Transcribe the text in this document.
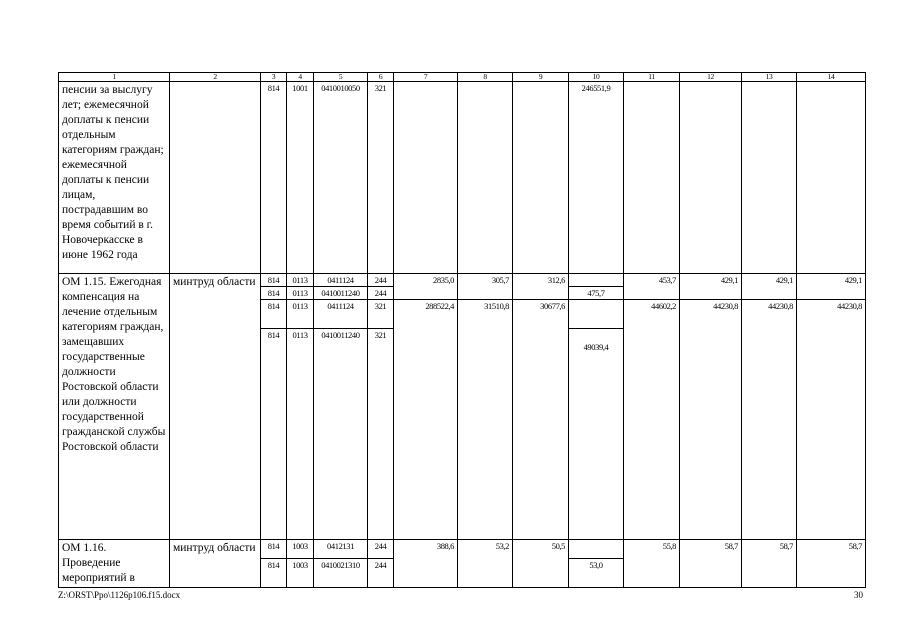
1	2	3	4	5	6	7	8	9	10	11	12	13	14
пенсии за выслугу лет; ежемесячной доплаты к пенсии отдельным категориям граждан; ежемесячной доплаты к пенсии лицам, пострадавшим во время событий в г. Новочеркасске в июне 1962 года		814	1001	0410010050	321				246551,9				
ОМ 1.15. Ежегодная компенсация на лечение отдельным категориям граждан, замещавших государственные должности Ростовской области или должности государственной гражданской службы Ростовской области	минтруд области	814	0113	0411124	244	2835,0	305,7	312,6		453,7	429,1	429,1	429,1
		814	0113	0410011240	244				475,7				
		814	0113	0411124	321	288522,4	31510,8	30677,6		44602,2	44230,8	44230,8	44230,8
		814	0113	0410011240	321				49039,4				

ОМ 1.16. Проведение мероприятий в	минтруд области	814	1003	0412131	244	388,6	53,2	50,5		55,8	58,7	58,7	58,7
		814	1003	0410021310	244				53,0				
Z:\ORST\Ppo\1126p106.f15.docx	30
